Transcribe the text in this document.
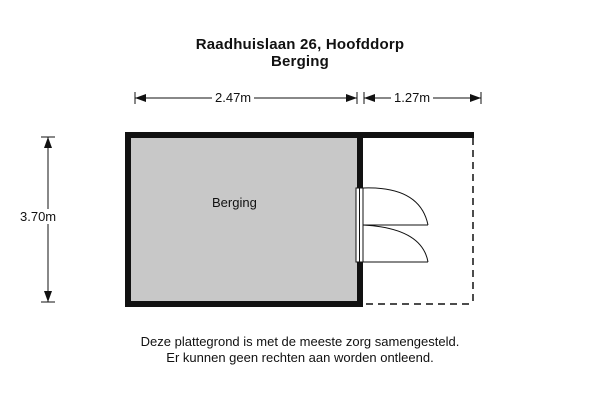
Raadhuislaan 26, Hoofddorp
Berging
2.47m	1.27m
3.70m
Berging
Deze plattegrond is met de meeste zorg samengesteld.
Er kunnen geen rechten aan worden ontleend.
